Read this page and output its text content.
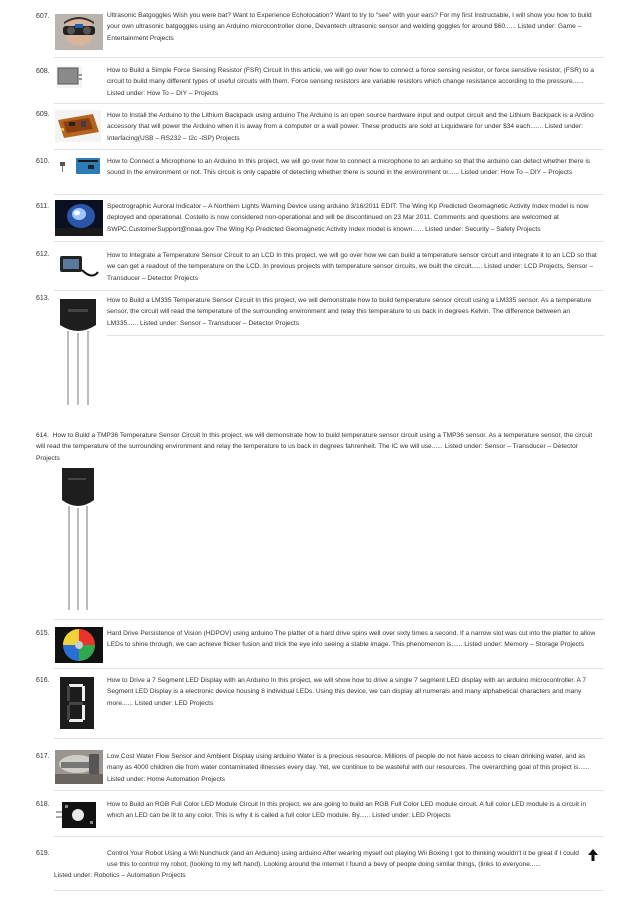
607.	Ultrasonic Batgoggles Wish you were bat? Want to Experience Echolocation? Want to try to "see" with your ears? For my first Instructable, I will show you how to build your own ultrasonic batgoggles using an Arduino microcontroller clone, Devantech ultrasonic sensor and welding goggles for around $60...... Listed under: Game – Entertainment Projects
608.	How to Build a Simple Force Sensing Resistor (FSR) Circuit In this article, we will go over how to connect a force sensing resistor, or force sensitive resistor, (FSR) to a circuit to build many different types of useful circuits with them. Force sensing resistors are variable resistors which change resistance according to the pressure...... Listed under: How To – DIY – Projects
609.	How to Install the Arduino to the Lithium Backpack using arduino The Arduino is an open source hardware input and output circuit and the Lithium Backpack is a Ardino accessory that will power the Arduino when it is away from a computer or a wall power. These products are sold at Liquidware for under $34 each....... Listed under: Interfacing(USB – RS232 – I2c -ISP) Projects
610.	How to Connect a Microphone to an Arduino In this project, we will go over how to connect a microphone to an arduino so that the arduino can detect whether there is sound in the environment or not. This circuit is only capable of detecting whether there is sound in the environment or...... Listed under: How To – DIY – Projects
611.	Spectrographic Auroral Indicator – A Northern Lights Warning Device using arduino 3/16/2011 EDIT: The Wing Kp Predicted Geomagnetic Activity Index model is now deployed and operational. Costello is now considered non-operational and will be discontinued on 23 Mar 2011. Comments and questions are welcomed at SWPC.CustomerSupport@noaa.gov The Wing Kp Predicted Geomagnetic Activity Index model is known...... Listed under: Security – Safety Projects
612.	How to Integrate a Temperature Sensor Circuit to an LCD In this project, we will go over how we can build a temperature sensor circuit and integrate it to an LCD so that we can get a readout of the temperature on the LCD. In previous projects with temperature sensor circuits, we built the circuit...... Listed under: LCD Projects, Sensor – Transducer – Detector Projects
613.	How to Build a LM335 Temperature Sensor Circuit In this project, we will demonstrate how to build temperature sensor circuit using a LM335 sensor. As a temperature sensor, the circuit will read the temperature of the surrounding environment and relay this temperature to us back in degrees Kelvin. The difference between an LM335...... Listed under: Sensor – Transducer – Detector Projects
614. How to Build a TMP36 Temperature Sensor Circuit In this project, we will demonstrate how to build temperature sensor circuit using a TMP36 sensor. As a temperature sensor, the circuit will read the temperature of the surrounding environment and relay the temperature to us back in degrees fahrenheit. The IC we will use...... Listed under: Sensor – Transducer – Detector Projects
615.	Hard Drive Persistence of Vision (HDPOV) using arduino The platter of a hard drive spins well over sixty times a second. If a narrow slot was cut into the platter to allow LEDs to shine through, we can achieve flicker fusion and trick the eye into seeing a stable image. This phenomenon is...... Listed under: Memory – Storage Projects
616.	How to Drive a 7 Segment LED Display with an Arduino In this project, we will show how to drive a single 7 segment LED display with an arduino microcontroller. A 7 Segment LED Display is a electronic device housing 8 individual LEDs. Using this device, we can display all numerals and many alphabetical characters and many more...... Listed under: LED Projects
617.	Low Cost Water Flow Sensor and Ambient Display using arduino Water is a precious resource. Millions of people do not have access to clean drinking water, and as many as 4000 children die from water contaminated illnesses every day. Yet, we continue to be wasteful with our resources. The overarching goal of this project is...... Listed under: Home Automation Projects
618.	How to Build an RGB Full Color LED Module Circuit In this project, we are going to build an RGB Full Color LED module circuit. A full color LED module is a circuit in which an LED can be lit to any color. This is why it is called a full color LED module. By...... Listed under: LED Projects
619.	Control Your Robot Using a Wii Nunchuck (and an Arduino) using arduino After wearing myself out playing Wii Boxing I got to thinking wouldn't it be great if I could use this to control my robot, (looking to my left hand). Looking around the internet I found a bevy of people doing similar things, (links to everyone......
Listed under: Robotics – Automation Projects
